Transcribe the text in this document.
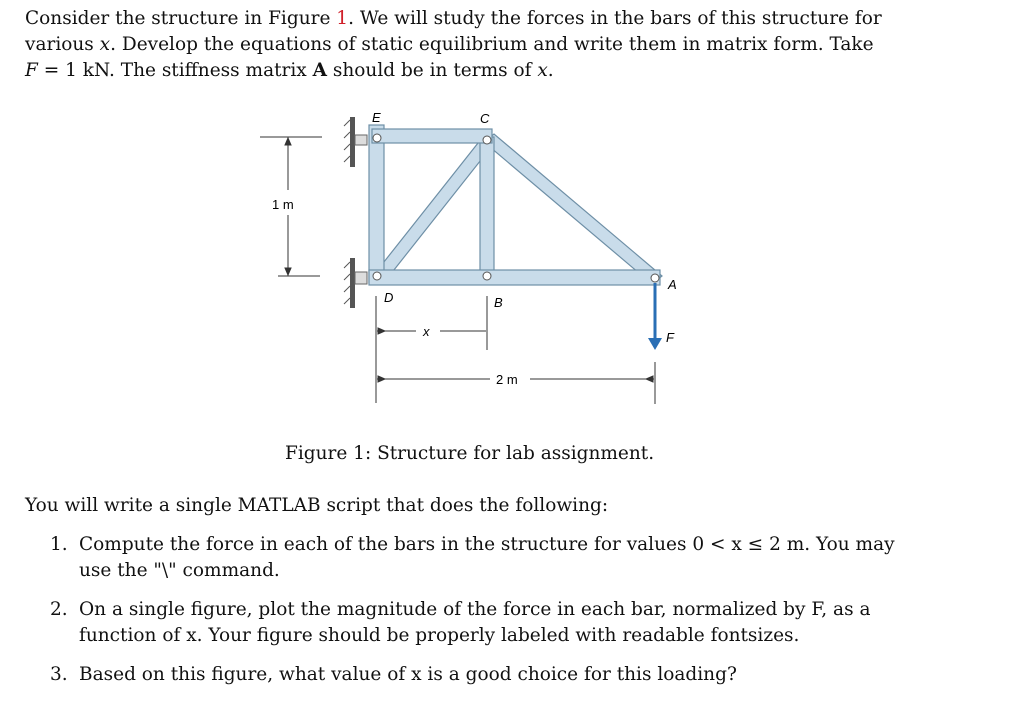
Consider the structure in Figure 1. We will study the forces in the bars of this structure for
various x. Develop the equations of static equilibrium and write them in matrix form. Take
F = 1 kN. The stiffness matrix A should be in terms of x.
E	C
A
D	B
F
1 m
x
2 m
Figure 1: Structure for lab assignment.
You will write a single MATLAB script that does the following:
1. Compute the force in each of the bars in the structure for values 0 < x ≤ 2 m. You may
use the "\" command.
2. On a single figure, plot the magnitude of the force in each bar, normalized by F, as a
function of x. Your figure should be properly labeled with readable fontsizes.
3. Based on this figure, what value of x is a good choice for this loading?
